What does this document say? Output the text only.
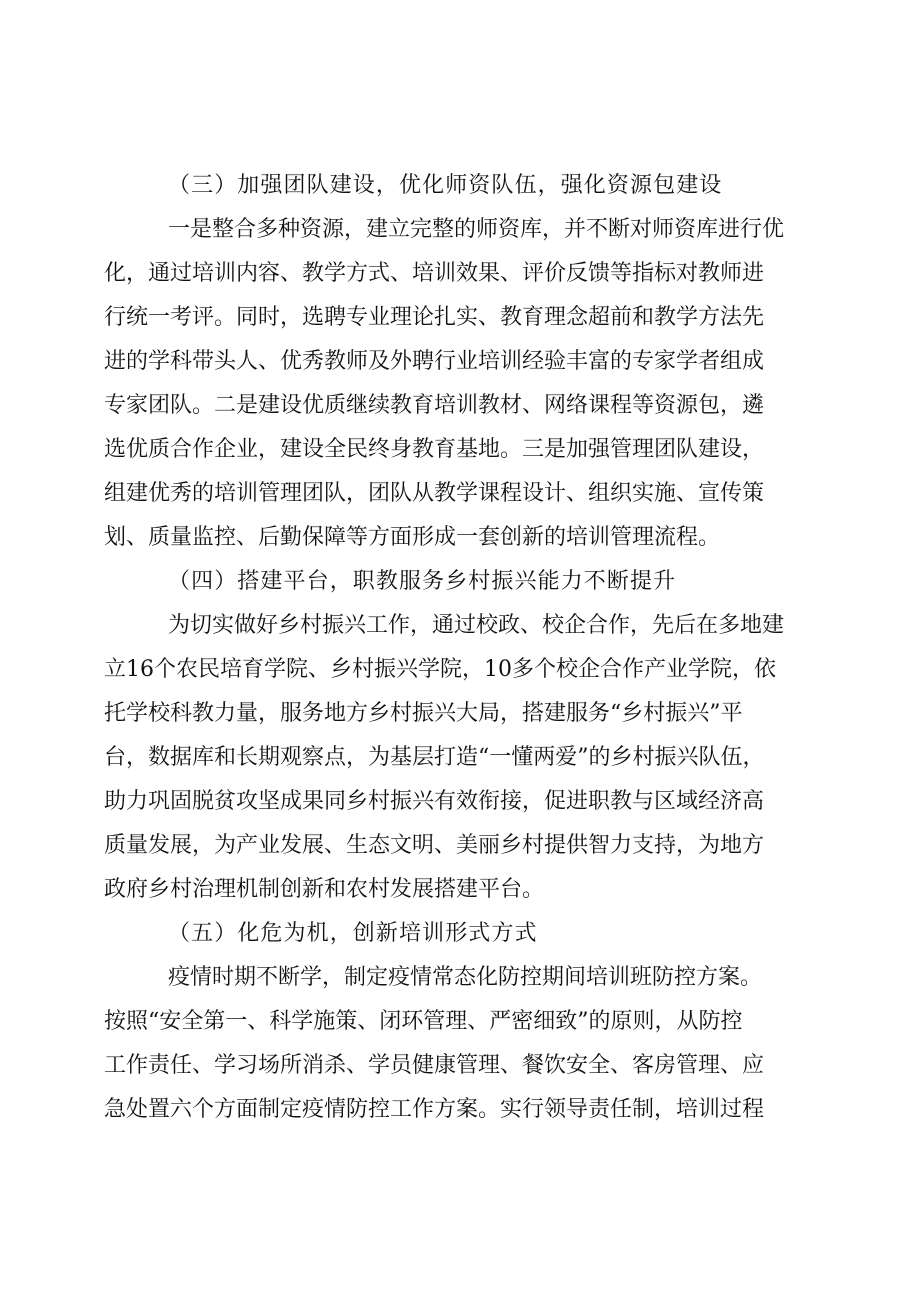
（三）加强团队建设，优化师资队伍，强化资源包建设
一是整合多种资源，建立完整的师资库，并不断对师资库进行优
化，通过培训内容、教学方式、培训效果、评价反馈等指标对教师进
行统一考评。同时，选聘专业理论扎实、教育理念超前和教学方法先
进的学科带头人、优秀教师及外聘行业培训经验丰富的专家学者组成
专家团队。二是建设优质继续教育培训教材、网络课程等资源包，遴
选优质合作企业，建设全民终身教育基地。三是加强管理团队建设，
组建优秀的培训管理团队，团队从教学课程设计、组织实施、宣传策
划、质量监控、后勤保障等方面形成一套创新的培训管理流程。
（四）搭建平台，职教服务乡村振兴能力不断提升
为切实做好乡村振兴工作，通过校政、校企合作，先后在多地建
立16个农民培育学院、乡村振兴学院，10多个校企合作产业学院，依
托学校科教力量，服务地方乡村振兴大局，搭建服务“乡村振兴”平
台，数据库和长期观察点，为基层打造“一懂两爱”的乡村振兴队伍，
助力巩固脱贫攻坚成果同乡村振兴有效衔接，促进职教与区域经济高
质量发展，为产业发展、生态文明、美丽乡村提供智力支持，为地方
政府乡村治理机制创新和农村发展搭建平台。
（五）化危为机，创新培训形式方式
疫情时期不断学，制定疫情常态化防控期间培训班防控方案。
按照“安全第一、科学施策、闭环管理、严密细致”的原则，从防控
工作责任、学习场所消杀、学员健康管理、餐饮安全、客房管理、应
急处置六个方面制定疫情防控工作方案。实行领导责任制，培训过程
